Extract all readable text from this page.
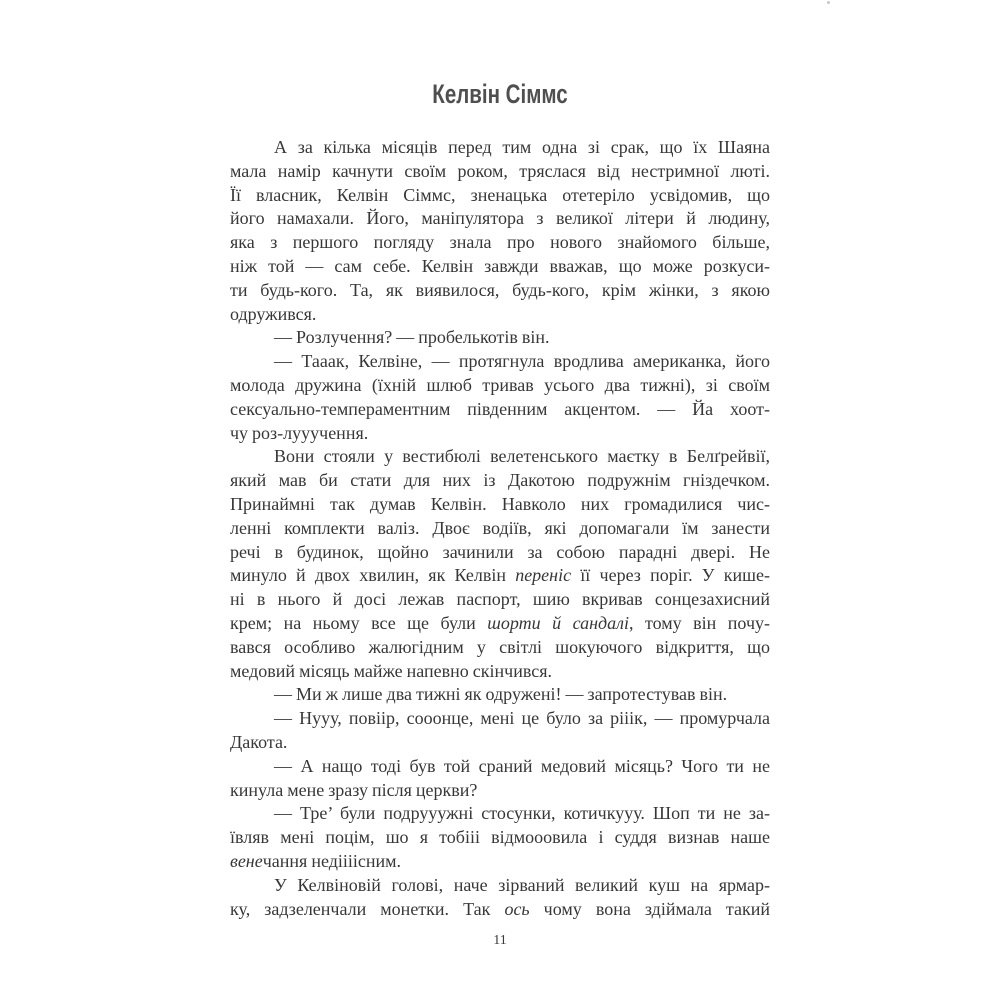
Келвін Сіммс
А за кілька місяців перед тим одна зі срак, що їх Шаяна
мала намір качнути своїм роком, тряслася від нестримної люті.
Її власник, Келвін Сіммс, зненацька отетеріло усвідомив, що
його намахали. Його, маніпулятора з великої літери й людину,
яка з першого погляду знала про нового знайомого більше,
ніж той — сам себе. Келвін завжди вважав, що може розкуси-
ти будь-кого. Та, як виявилося, будь-кого, крім жінки, з якою
одружився.
— Розлучення? — пробелькотів він.
— Тааак, Келвіне, — протягнула вродлива американка, його
молода дружина (їхній шлюб тривав усього два тижні), зі своїм
сексуально-темпераментним південним акцентом. — Йа хоот-
чу роз-лууучення.
Вони стояли у вестибюлі велетенського маєтку в Белґрейвії,
який мав би стати для них із Дакотою подружнім гніздечком.
Принаймні так думав Келвін. Навколо них громадилися чис-
ленні комплекти валіз. Двоє водіїв, які допомагали їм занести
речі в будинок, щойно зачинили за собою парадні двері. Не
минуло й двох хвилин, як Келвін переніс її через поріг. У кише-
ні в нього й досі лежав паспорт, шию вкривав сонцезахисний
крем; на ньому все ще були шорти й сандалі, тому він почу-
вався особливо жалюгідним у світлі шокуючого відкриття, що
медовий місяць майже напевно скінчився.
— Ми ж лише два тижні як одружені! — запротестував він.
— Нууу, повіір, сооонце, мені це було за рііік, — промурчала
Дакота.
— А нащо тоді був той сраний медовий місяць? Чого ти не
кинула мене зразу після церкви?
— Тре’ були подрууужні стосунки, котичкууу. Шоп ти не за-
ївляв мені поцім, шо я тобііі відмооовила і суддя визнав наше
венечання недіііісним.
У Келвіновій голові, наче зірваний великий куш на ярмар-
ку, задзеленчали монетки. Так ось чому вона здіймала такий
11
